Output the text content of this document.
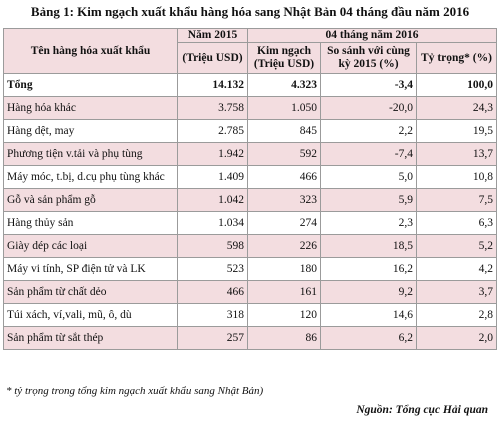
Bảng 1: Kim ngạch xuất khẩu hàng hóa sang Nhật Bản 04 tháng đầu năm 2016
Tên hàng hóa xuất khẩu	Năm 2015	04 tháng năm 2016		
	(Triệu USD)	Kim ngạch (Triệu USD)	So sánh với cùng kỳ 2015 (%)	Tỷ trọng* (%)
Tổng	14.132	4.323	-3,4	100,0
Hàng hóa khác	3.758	1.050	-20,0	24,3
Hàng dệt, may	2.785	845	2,2	19,5
Phương tiện v.tải và phụ tùng	1.942	592	-7,4	13,7
Máy móc, t.bị, d.cụ phụ tùng khác	1.409	466	5,0	10,8
Gỗ và sản phẩm gỗ	1.042	323	5,9	7,5
Hàng thủy sản	1.034	274	2,3	6,3
Giày dép các loại	598	226	18,5	5,2
Máy vi tính, SP điện tử và LK	523	180	16,2	4,2
Sản phẩm từ chất dẻo	466	161	9,2	3,7
Túi xách, ví,vali, mũ, ô, dù	318	120	14,6	2,8
Sản phẩm từ sắt thép	257	86	6,2	2,0
* tỷ trọng trong tổng kim ngạch xuất khẩu sang Nhật Bản)
Nguồn: Tổng cục Hải quan
